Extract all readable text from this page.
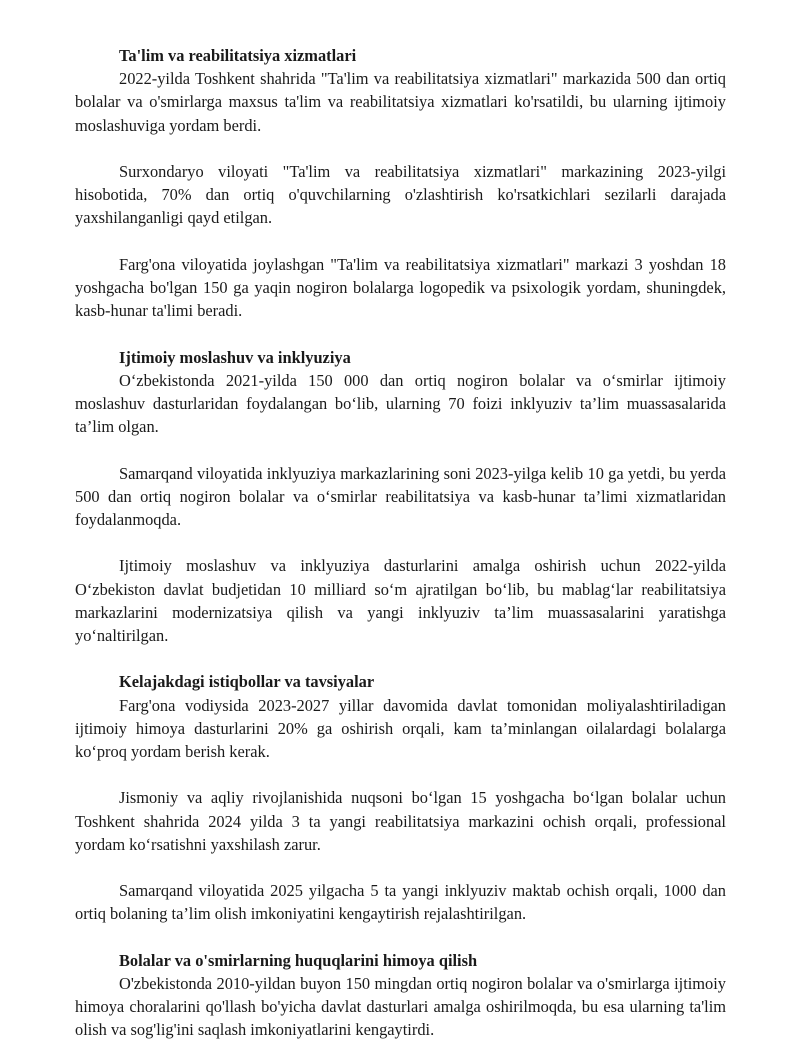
Ta'lim va reabilitatsiya xizmatlari

2022-yilda Toshkent shahrida "Ta'lim va reabilitatsiya xizmatlari" markazida 500 dan ortiq bolalar va o'smirlarga maxsus ta'lim va reabilitatsiya xizmatlari ko'rsatildi, bu ularning ijtimoiy moslashuviga yordam berdi.

Surxondaryo viloyati "Ta'lim va reabilitatsiya xizmatlari" markazining 2023-yilgi hisobotida, 70% dan ortiq o'quvchilarning o'zlashtirish ko'rsatkichlari sezilarli darajada yaxshilanganligi qayd etilgan.

Farg'ona viloyatida joylashgan "Ta'lim va reabilitatsiya xizmatlari" markazi 3 yoshdan 18 yoshgacha bo'lgan 150 ga yaqin nogiron bolalarga logopedik va psixologik yordam, shuningdek, kasb-hunar ta'limi beradi.

Ijtimoiy moslashuv va inklyuziya

O‘zbekistonda 2021-yilda 150 000 dan ortiq nogiron bolalar va o‘smirlar ijtimoiy moslashuv dasturlaridan foydalangan bo‘lib, ularning 70 foizi inklyuziv ta’lim muassasalarida ta’lim olgan.

Samarqand viloyatida inklyuziya markazlarining soni 2023-yilga kelib 10 ga yetdi, bu yerda 500 dan ortiq nogiron bolalar va o‘smirlar reabilitatsiya va kasb-hunar ta’limi xizmatlaridan foydalanmoqda.

Ijtimoiy moslashuv va inklyuziya dasturlarini amalga oshirish uchun 2022-yilda O‘zbekiston davlat budjetidan 10 milliard so‘m ajratilgan bo‘lib, bu mablag‘lar reabilitatsiya markazlarini modernizatsiya qilish va yangi inklyuziv ta’lim muassasalarini yaratishga yo‘naltirilgan.

Kelajakdagi istiqbollar va tavsiyalar

Farg'ona vodiysida 2023-2027 yillar davomida davlat tomonidan moliyalashtiriladigan ijtimoiy himoya dasturlarini 20% ga oshirish orqali, kam ta’minlangan oilalardagi bolalarga ko‘proq yordam berish kerak.

Jismoniy va aqliy rivojlanishida nuqsoni bo‘lgan 15 yoshgacha bo‘lgan bolalar uchun Toshkent shahrida 2024 yilda 3 ta yangi reabilitatsiya markazini ochish orqali, professional yordam ko‘rsatishni yaxshilash zarur.

Samarqand viloyatida 2025 yilgacha 5 ta yangi inklyuziv maktab ochish orqali, 1000 dan ortiq bolaning ta’lim olish imkoniyatini kengaytirish rejalashtirilgan.

Bolalar va o'smirlarning huquqlarini himoya qilish

O'zbekistonda 2010-yildan buyon 150 mingdan ortiq nogiron bolalar va o'smirlarga ijtimoiy himoya choralarini qo'llash bo'yicha davlat dasturlari amalga oshirilmoqda, bu esa ularning ta'lim olish va sog'lig'ini saqlash imkoniyatlarini kengaytirdi.
